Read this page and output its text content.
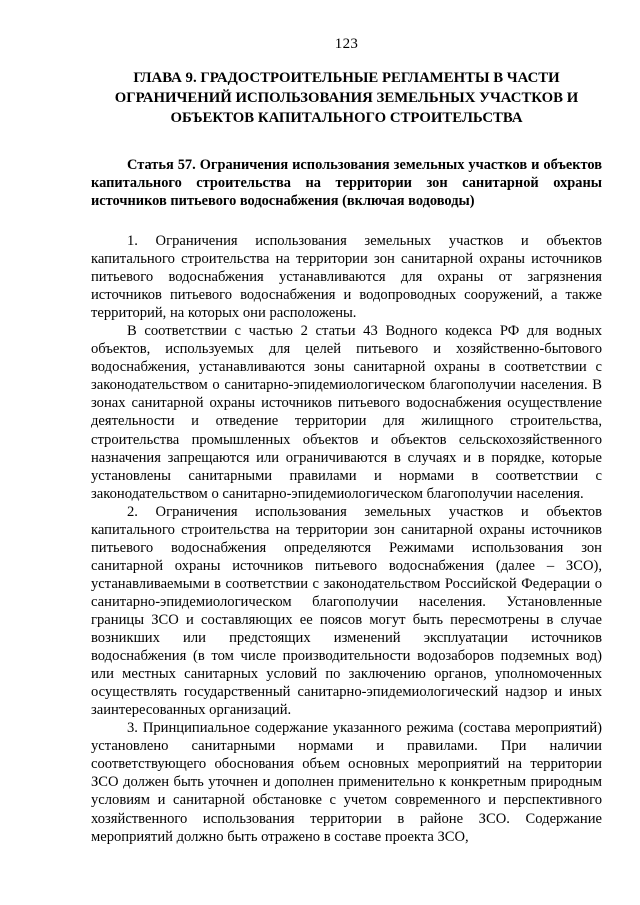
123
ГЛАВА 9. ГРАДОСТРОИТЕЛЬНЫЕ РЕГЛАМЕНТЫ В ЧАСТИ ОГРАНИЧЕНИЙ ИСПОЛЬЗОВАНИЯ ЗЕМЕЛЬНЫХ УЧАСТКОВ И ОБЪЕКТОВ КАПИТАЛЬНОГО СТРОИТЕЛЬСТВА
Статья 57. Ограничения использования земельных участков и объектов капитального строительства на территории зон санитарной охраны источников питьевого водоснабжения (включая водоводы)

1. Ограничения использования земельных участков и объектов капитального строительства на территории зон санитарной охраны источников питьевого водоснабжения устанавливаются для охраны от загрязнения источников питьевого водоснабжения и водопроводных сооружений, а также территорий, на которых они расположены.

В соответствии с частью 2 статьи 43 Водного кодекса РФ для водных объектов, используемых для целей питьевого и хозяйственно-бытового водоснабжения, устанавливаются зоны санитарной охраны в соответствии с законодательством о санитарно-эпидемиологическом благополучии населения. В зонах санитарной охраны источников питьевого водоснабжения осуществление деятельности и отведение территории для жилищного строительства, строительства промышленных объектов и объектов сельскохозяйственного назначения запрещаются или ограничиваются в случаях и в порядке, которые установлены санитарными правилами и нормами в соответствии с законодательством о санитарно-эпидемиологическом благополучии населения.

2. Ограничения использования земельных участков и объектов капитального строительства на территории зон санитарной охраны источников питьевого водоснабжения определяются Режимами использования зон санитарной охраны источников питьевого водоснабжения (далее – ЗСО), устанавливаемыми в соответствии с законодательством Российской Федерации о санитарно-эпидемиологическом благополучии населения. Установленные границы ЗСО и составляющих ее поясов могут быть пересмотрены в случае возникших или предстоящих изменений эксплуатации источников водоснабжения (в том числе производительности водозаборов подземных вод) или местных санитарных условий по заключению органов, уполномоченных осуществлять государственный санитарно-эпидемиологический надзор и иных заинтересованных организаций.

3. Принципиальное содержание указанного режима (состава мероприятий) установлено санитарными нормами и правилами. При наличии соответствующего обоснования объем основных мероприятий на территории ЗСО должен быть уточнен и дополнен применительно к конкретным природным условиям и санитарной обстановке с учетом современного и перспективного хозяйственного использования территории в районе ЗСО. Содержание мероприятий должно быть отражено в составе проекта ЗСО,
